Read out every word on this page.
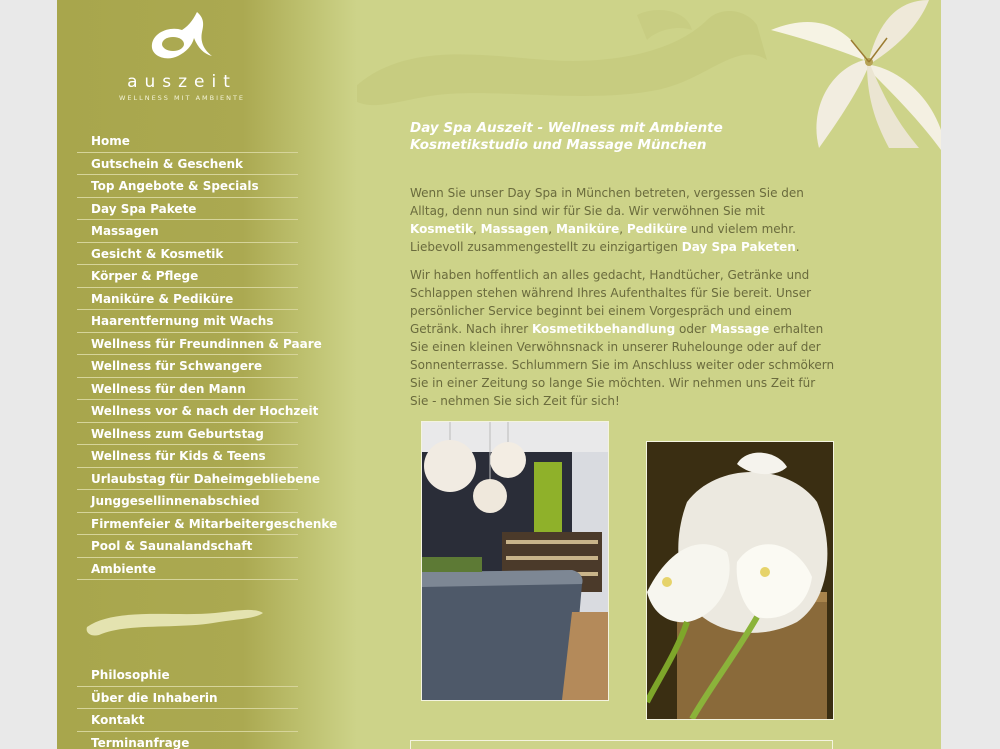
auszeit
WELLNESS MIT AMBIENTE
Home
Gutschein & Geschenk
Top Angebote & Specials
Day Spa Pakete
Massagen
Gesicht & Kosmetik
Körper & Pflege
Maniküre & Pediküre
Haarentfernung mit Wachs
Wellness für Freundinnen & Paare
Wellness für Schwangere
Wellness für den Mann
Wellness vor & nach der Hochzeit
Wellness zum Geburtstag
Wellness für Kids & Teens
Urlaubstag für Daheimgebliebene
Junggesellinnenabschied
Firmenfeier & Mitarbeitergeschenke
Pool & Saunalandschaft
Ambiente
Philosophie
Über die Inhaberin
Kontakt
Terminanfrage
Day Spa Auszeit - Wellness mit Ambiente
Kosmetikstudio und Massage München

Wenn Sie unser Day Spa in München betreten, vergessen Sie den Alltag, denn nun sind wir für Sie da. Wir verwöhnen Sie mit Kosmetik, Massagen, Maniküre, Pediküre und vielem mehr. Liebevoll zusammengestellt zu einzigartigen Day Spa Paketen.

Wir haben hoffentlich an alles gedacht, Handtücher, Getränke und Schlappen stehen während Ihres Aufenthaltes für Sie bereit. Unser persönlicher Service beginnt bei einem Vorgespräch und einem Getränk. Nach ihrer Kosmetikbehandlung oder Massage erhalten Sie einen kleinen Verwöhnsnack in unserer Ruhelounge oder auf der Sonnenterrasse. Schlummern Sie im Anschluss weiter oder schmökern Sie in einer Zeitung so lange Sie möchten. Wir nehmen uns Zeit für Sie - nehmen Sie sich Zeit für sich!
